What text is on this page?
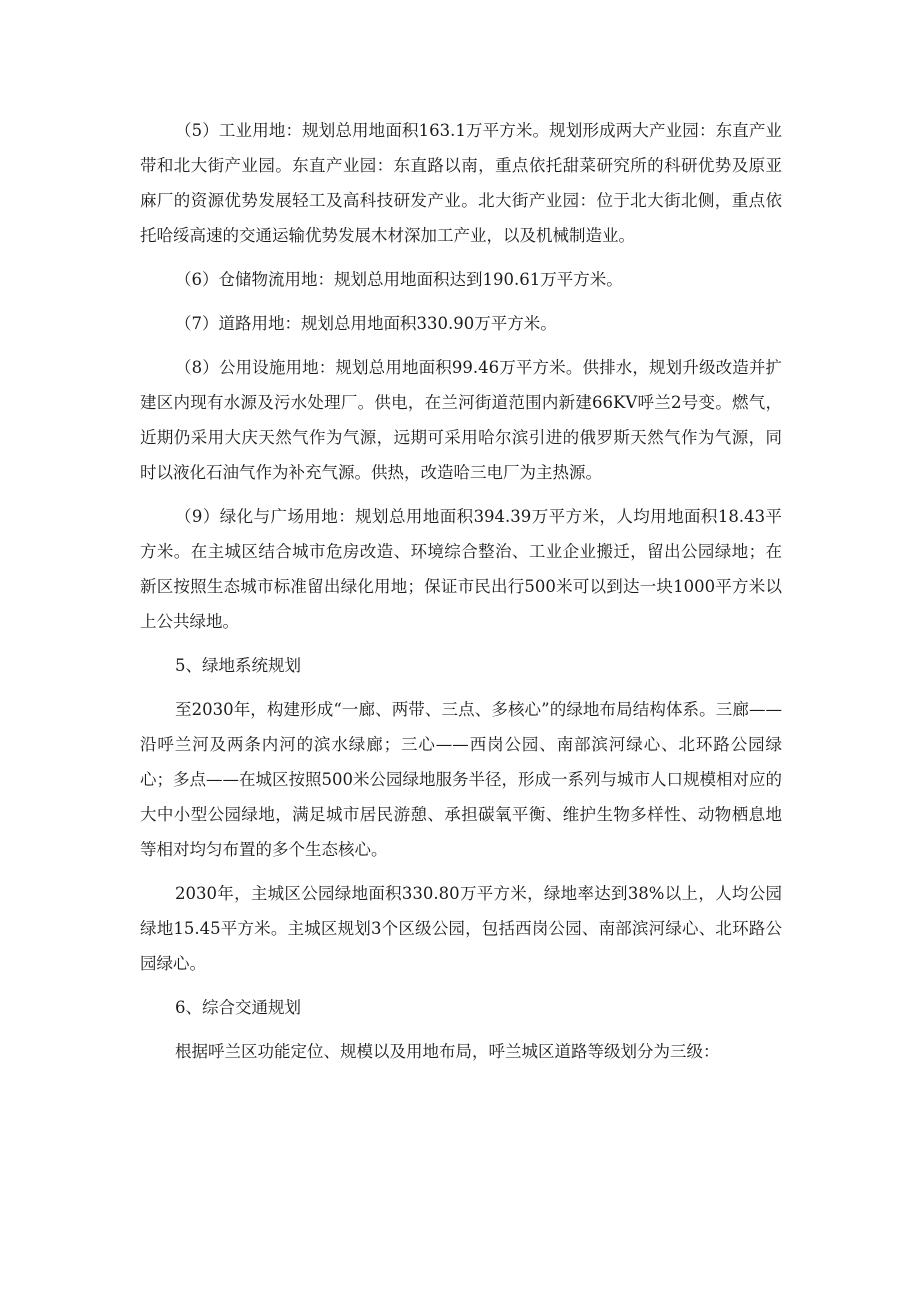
（5）工业用地：规划总用地面积163.1万平方米。规划形成两大产业园：东直产业带和北大街产业园。东直产业园：东直路以南，重点依托甜菜研究所的科研优势及原亚麻厂的资源优势发展轻工及高科技研发产业。北大街产业园：位于北大街北侧，重点依托哈绥高速的交通运输优势发展木材深加工产业，以及机械制造业。

（6）仓储物流用地：规划总用地面积达到190.61万平方米。

（7）道路用地：规划总用地面积330.90万平方米。

（8）公用设施用地：规划总用地面积99.46万平方米。供排水，规划升级改造并扩建区内现有水源及污水处理厂。供电，在兰河街道范围内新建66KV呼兰2号变。燃气，近期仍采用大庆天然气作为气源，远期可采用哈尔滨引进的俄罗斯天然气作为气源，同时以液化石油气作为补充气源。供热，改造哈三电厂为主热源。

（9）绿化与广场用地：规划总用地面积394.39万平方米，人均用地面积18.43平方米。在主城区结合城市危房改造、环境综合整治、工业企业搬迁，留出公园绿地；在新区按照生态城市标准留出绿化用地；保证市民出行500米可以到达一块1000平方米以上公共绿地。

5、绿地系统规划

至2030年，构建形成“一廊、两带、三点、多核心”的绿地布局结构体系。三廊——沿呼兰河及两条内河的滨水绿廊；三心——西岗公园、南部滨河绿心、北环路公园绿心；多点——在城区按照500米公园绿地服务半径，形成一系列与城市人口规模相对应的大中小型公园绿地，满足城市居民游憩、承担碳氧平衡、维护生物多样性、动物栖息地等相对均匀布置的多个生态核心。

2030年，主城区公园绿地面积330.80万平方米，绿地率达到38%以上，人均公园绿地15.45平方米。主城区规划3个区级公园，包括西岗公园、南部滨河绿心、北环路公园绿心。

6、综合交通规划

根据呼兰区功能定位、规模以及用地布局，呼兰城区道路等级划分为三级：
